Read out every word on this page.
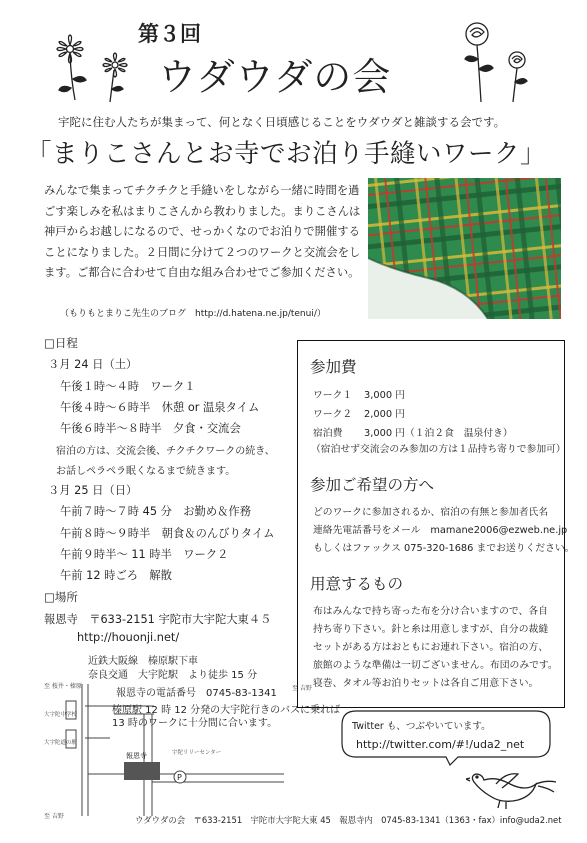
第３回
ウダウダの会
宇陀に住む人たちが集まって、何となく日頃感じることをウダウダと雑談する会です。
「まりこさんとお寺でお泊り手縫いワーク」
みんなで集まってチクチクと手縫いをしながら一緒に時間を過ごす楽しみを私はまりこさんから教わりました。まりこさんは神戸からお越しになるので、せっかくなのでお泊りで開催することになりました。２日間に分けて２つのワークと交流会をします。ご都合に合わせて自由な組み合わせでご参加ください。
（もりもとまりこ先生のブログ　http://d.hatena.ne.jp/tenui/）
□日程
３月 24 日（土）
午後１時〜４時　ワーク１
午後４時〜６時半　休憩 or 温泉タイム
午後６時半〜８時半　夕食・交流会
宿泊の方は、交流会後、チクチクワークの続き、
お話しペラペラ眠くなるまで続きます。
３月 25 日（日）
午前７時〜７時 45 分　お勤め＆作務
午前８時〜９時半　朝食＆のんびりタイム
午前９時半〜 11 時半　ワーク２
午前 12 時ごろ　解散
□場所
報恩寺　〒633-2151 宇陀市大宇陀大東４５
http://houonji.net/
近鉄大阪線　榛原駅下車
奈良交通　大宇陀駅　より徒歩 15 分
報恩寺の電話番号　0745-83-1341
榛原駅 12 時 12 分発の大宇陀行きのバスに乗れば
13 時のワークに十分間に合います。
P
至 桜井・榛原
大宇陀中学校
大宇陀道の駅
報恩寺	宇陀リリーセンター
至 吉野
至 吉野
参加費
ワーク１ 3,000 円
ワーク２ 2,000 円
宿泊費 3,000 円（１泊２食　温泉付き）
（宿泊せず交流会のみ参加の方は１品持ち寄りで参加可）
参加ご希望の方へ
どのワークに参加されるか、宿泊の有無と参加者氏名
連絡先電話番号をメール　mamane2006@ezweb.ne.jp
もしくはファックス 075-320-1686 までお送りください。
用意するもの
布はみんなで持ち寄った布を分け合いますので、各自
持ち寄り下さい。針と糸は用意しますが、自分の裁縫
セットがある方はおともにお連れ下さい。宿泊の方、
旅館のような準備は一切ございません。布団のみです。
寝巻、タオル等お泊りセットは各自ご用意下さい。
Twitter も、つぶやいています。
http://twitter.com/#!/uda2_net
ウダウダの会　〒633-2151　宇陀市大宇陀大東 45　報恩寺内　0745-83-1341（1363・fax）info@uda2.net
